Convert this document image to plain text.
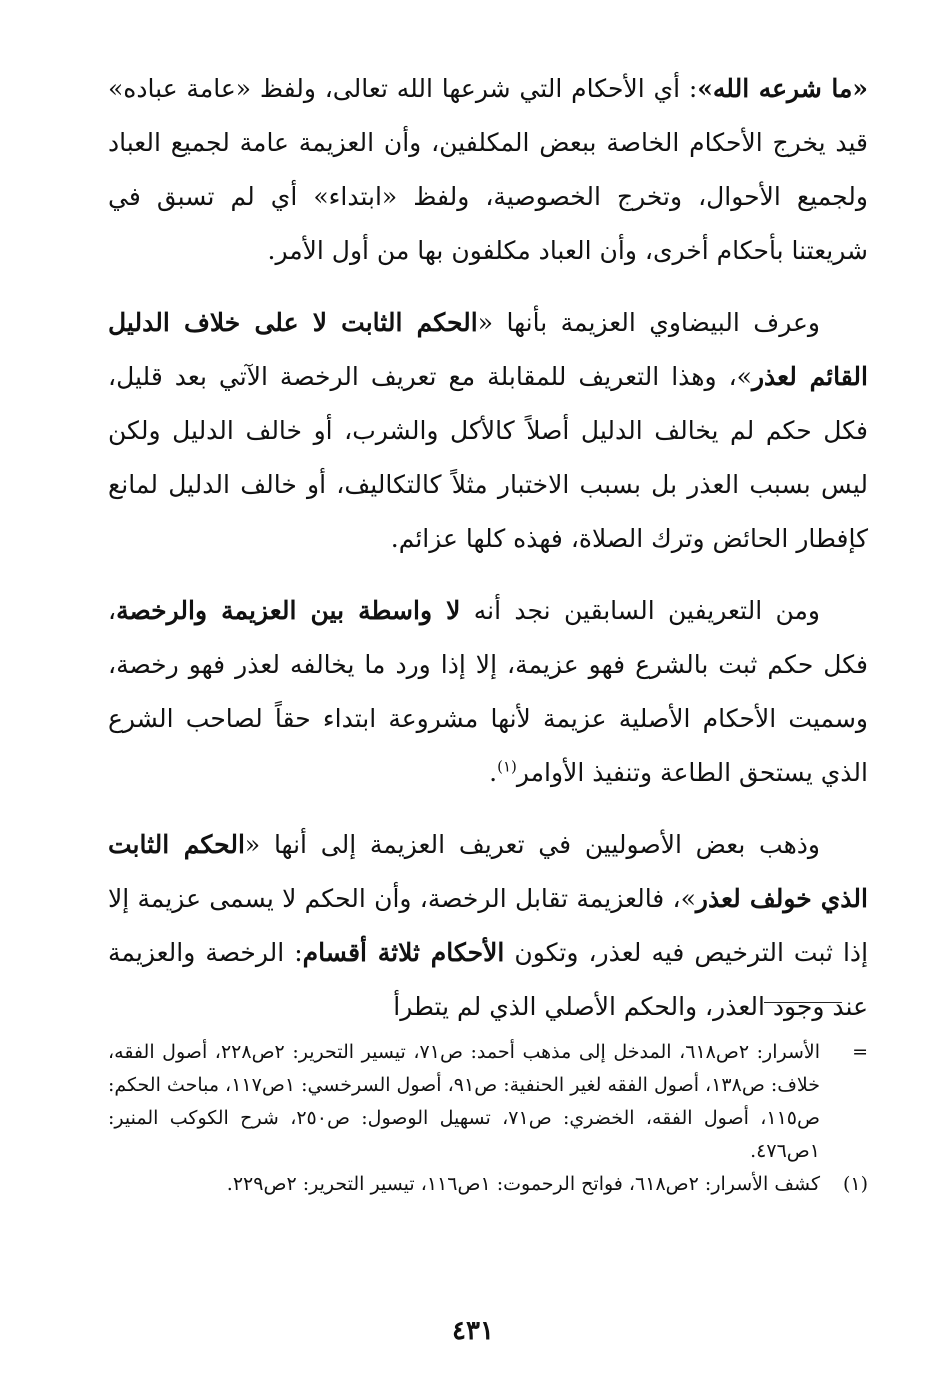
«ما شرعه الله»: أي الأحكام التي شرعها الله تعالى، ولفظ «عامة عباده» قيد يخرج الأحكام الخاصة ببعض المكلفين، وأن العزيمة عامة لجميع العباد ولجميع الأحوال، وتخرج الخصوصية، ولفظ «ابتداء» أي لم تسبق في شريعتنا بأحكام أخرى، وأن العباد مكلفون بها من أول الأمر.

وعرف البيضاوي العزيمة بأنها «الحكم الثابت لا على خلاف الدليل القائم لعذر»، وهذا التعريف للمقابلة مع تعريف الرخصة الآتي بعد قليل، فكل حكم لم يخالف الدليل أصلاً كالأكل والشرب، أو خالف الدليل ولكن ليس بسبب العذر بل بسبب الاختبار مثلاً كالتكاليف، أو خالف الدليل لمانع كإفطار الحائض وترك الصلاة، فهذه كلها عزائم.

ومن التعريفين السابقين نجد أنه لا واسطة بين العزيمة والرخصة، فكل حكم ثبت بالشرع فهو عزيمة، إلا إذا ورد ما يخالفه لعذر فهو رخصة، وسميت الأحكام الأصلية عزيمة لأنها مشروعة ابتداء حقاً لصاحب الشرع الذي يستحق الطاعة وتنفيذ الأوامر$^{(١)}$.

وذهب بعض الأصوليين في تعريف العزيمة إلى أنها «الحكم الثابت الذي خولف لعذر»، فالعزيمة تقابل الرخصة، وأن الحكم لا يسمى عزيمة إلا إذا ثبت الترخيص فيه لعذر، وتكون الأحكام ثلاثة أقسام: الرخصة والعزيمة عند وجود العذر، والحكم الأصلي الذي لم يتطرأ

=
الأسرار: ٢ص٦١٨، المدخل إلى مذهب أحمد: ص٧١، تيسير التحرير: ٢ص٢٢٨، أصول الفقه، خلاف: ص١٣٨، أصول الفقه لغير الحنفية: ص٩١، أصول السرخسي: ١ص١١٧، مباحث الحكم: ص١١٥، أصول الفقه، الخضري: ص٧١، تسهيل الوصول: ص٢٥٠، شرح الكوكب المنير: ١ص٤٧٦.
(١)
كشف الأسرار: ٢ص٦١٨، فواتح الرحموت: ١ص١١٦، تيسير التحرير: ٢ص٢٢٩.
٤٣١
